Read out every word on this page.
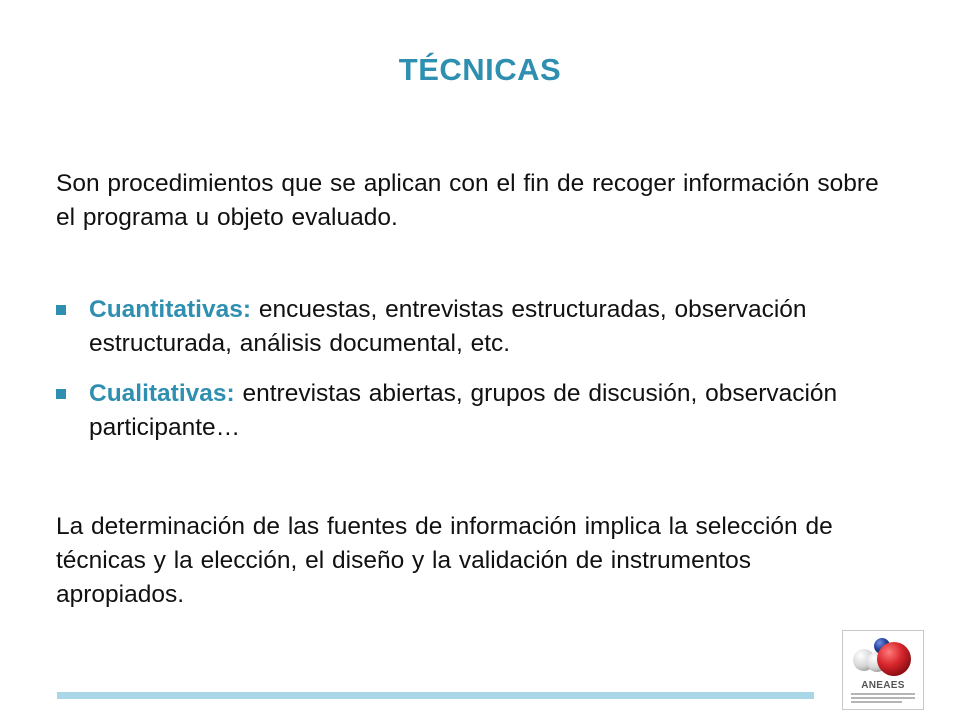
TÉCNICAS
Son procedimientos que se aplican con el fin de recoger información sobre el programa u objeto evaluado.
Cuantitativas: encuestas, entrevistas estructuradas, observación estructurada, análisis documental, etc.
Cualitativas: entrevistas abiertas, grupos de discusión, observación participante…
La determinación de las fuentes de información implica la selección de técnicas y la elección, el diseño y la validación de instrumentos apropiados.
ANEAES
